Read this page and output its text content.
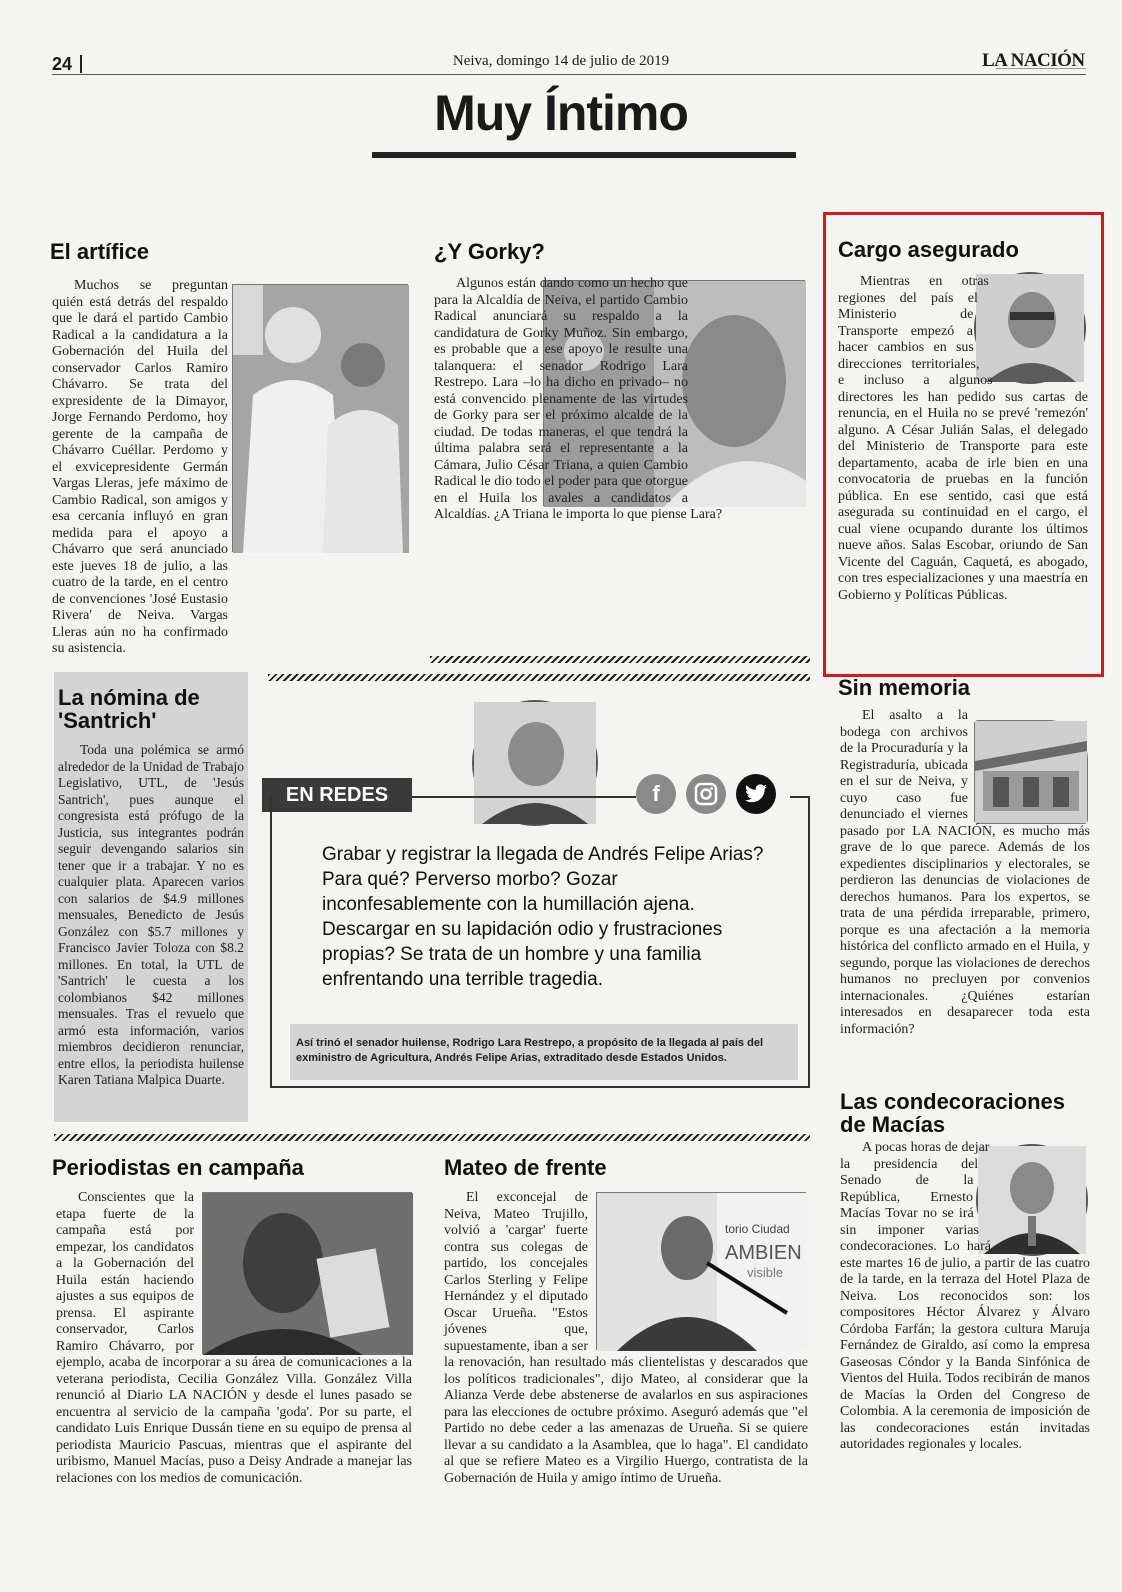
24	Neiva, domingo 14 de julio de 2019	LA NACIÓN
Muy Íntimo
El artífice

Muchos se preguntan quién está detrás del respaldo que le dará el partido Cambio Radical a la candidatura a la Gobernación del Huila del conservador Carlos Ramiro Chávarro. Se trata del expresidente de la Dimayor, Jorge Fernando Perdomo, hoy gerente de la campaña de Chávarro Cuéllar. Perdomo y el exvicepresidente Germán Vargas Lleras, jefe máximo de Cambio Radical, son amigos y esa cercanía influyó en gran medida para el apoyo a Chávarro que será anunciado este jueves 18 de julio, a las cuatro de la tarde, en el centro de convenciones 'José Eustasio Rivera' de Neiva. Vargas Lleras aún no ha confirmado su asistencia.

¿Y Gorky?

Algunos están dando como un hecho que para la Alcaldía de Neiva, el partido Cambio Radical anunciará su respaldo a la candidatura de Gorky Muñoz. Sin embargo, es probable que a ese apoyo le resulte una talanquera: el senador Rodrigo Lara Restrepo. Lara –lo ha dicho en privado– no está convencido plenamente de las virtudes de Gorky para ser el próximo alcalde de la ciudad. De todas maneras, el que tendrá la última palabra será el representante a la Cámara, Julio César Triana, a quien Cambio Radical le dio todo el poder para que otorgue en el Huila los avales a candidatos a Alcaldías. ¿A Triana le importa lo que piense Lara?

Cargo asegurado

Mientras en otras regiones del país el Ministerio de Transporte empezó a hacer cambios en sus direcciones territoriales, e incluso a algunos directores les han pedido sus cartas de renuncia, en el Huila no se prevé 'remezón' alguno. A César Julián Salas, el delegado del Ministerio de Transporte para este departamento, acaba de irle bien en una convocatoria de pruebas en la función pública. En ese sentido, casi que está asegurada su continuidad en el cargo, el cual viene ocupando durante los últimos nueve años. Salas Escobar, oriundo de San Vicente del Caguán, Caquetá, es abogado, con tres especializaciones y una maestría en Gobierno y Políticas Públicas.

La nómina de 'Santrich'

Toda una polémica se armó alrededor de la Unidad de Trabajo Legislativo, UTL, de 'Jesús Santrich', pues aunque el congresista está prófugo de la Justicia, sus integrantes podrán seguir devengando salarios sin tener que ir a trabajar. Y no es cualquier plata. Aparecen varios con salarios de $4.9 millones mensuales, Benedicto de Jesús González con $5.7 millones y Francisco Javier Toloza con $8.2 millones. En total, la UTL de 'Santrich' le cuesta a los colombianos $42 millones mensuales. Tras el revuelo que armó esta información, varios miembros decidieron renunciar, entre ellos, la periodista huilense Karen Tatiana Malpica Duarte.

EN REDES	f
Grabar y registrar la llegada de Andrés Felipe Arias? Para qué? Perverso morbo? Gozar inconfesablemente con la humillación ajena. Descargar en su lapidación odio y frustraciones propias? Se trata de un hombre y una familia enfrentando una terrible tragedia.
Así trinó el senador huilense, Rodrigo Lara Restrepo, a propósito de la llegada al país del exministro de Agricultura, Andrés Felipe Arias, extraditado desde Estados Unidos.
Sin memoria

El asalto a la bodega con archivos de la Procuraduría y la Registraduría, ubicada en el sur de Neiva, y cuyo caso fue denunciado el viernes pasado por LA NACIÓN, es mucho más grave de lo que parece. Además de los expedientes disciplinarios y electorales, se perdieron las denuncias de violaciones de derechos humanos. Para los expertos, se trata de una pérdida irreparable, primero, porque es una afectación a la memoria histórica del conflicto armado en el Huila, y segundo, porque las violaciones de derechos humanos no precluyen por convenios internacionales. ¿Quiénes estarían interesados en desaparecer toda esta información?

Periodistas en campaña

Conscientes que la etapa fuerte de la campaña está por empezar, los candidatos a la Gobernación del Huila están haciendo ajustes a sus equipos de prensa. El aspirante conservador, Carlos Ramiro Chávarro, por ejemplo, acaba de incorporar a su área de comunicaciones a la veterana periodista, Cecilia González Villa. González Villa renunció al Diario LA NACIÓN y desde el lunes pasado se encuentra al servicio de la campaña 'goda'. Por su parte, el candidato Luis Enrique Dussán tiene en su equipo de prensa al periodista Mauricio Pascuas, mientras que el aspirante del uribismo, Manuel Macías, puso a Deisy Andrade a manejar las relaciones con los medios de comunicación.

Mateo de frente
torio Ciudad
AMBIEN
visible

El exconcejal de Neiva, Mateo Trujillo, volvió a 'cargar' fuerte contra sus colegas de partido, los concejales Carlos Sterling y Felipe Hernández y el diputado Oscar Urueña. "Estos jóvenes que, supuestamente, iban a ser la renovación, han resultado más clientelistas y descarados que los políticos tradicionales", dijo Mateo, al considerar que la Alianza Verde debe abstenerse de avalarlos en sus aspiraciones para las elecciones de octubre próximo. Aseguró además que "el Partido no debe ceder a las amenazas de Urueña. Si se quiere llevar a su candidato a la Asamblea, que lo haga". El candidato al que se refiere Mateo es a Virgilio Huergo, contratista de la Gobernación de Huila y amigo íntimo de Urueña.

Las condecoraciones de Macías

A pocas horas de dejar la presidencia del Senado de la República, Ernesto Macías Tovar no se irá sin imponer varias condecoraciones. Lo hará este martes 16 de julio, a partir de las cuatro de la tarde, en la terraza del Hotel Plaza de Neiva. Los reconocidos son: los compositores Héctor Álvarez y Álvaro Córdoba Farfán; la gestora cultura Maruja Fernández de Giraldo, así como la empresa Gaseosas Cóndor y la Banda Sinfónica de Vientos del Huila. Todos recibirán de manos de Macías la Orden del Congreso de Colombia. A la ceremonia de imposición de las condecoraciones están invitadas autoridades regionales y locales.
